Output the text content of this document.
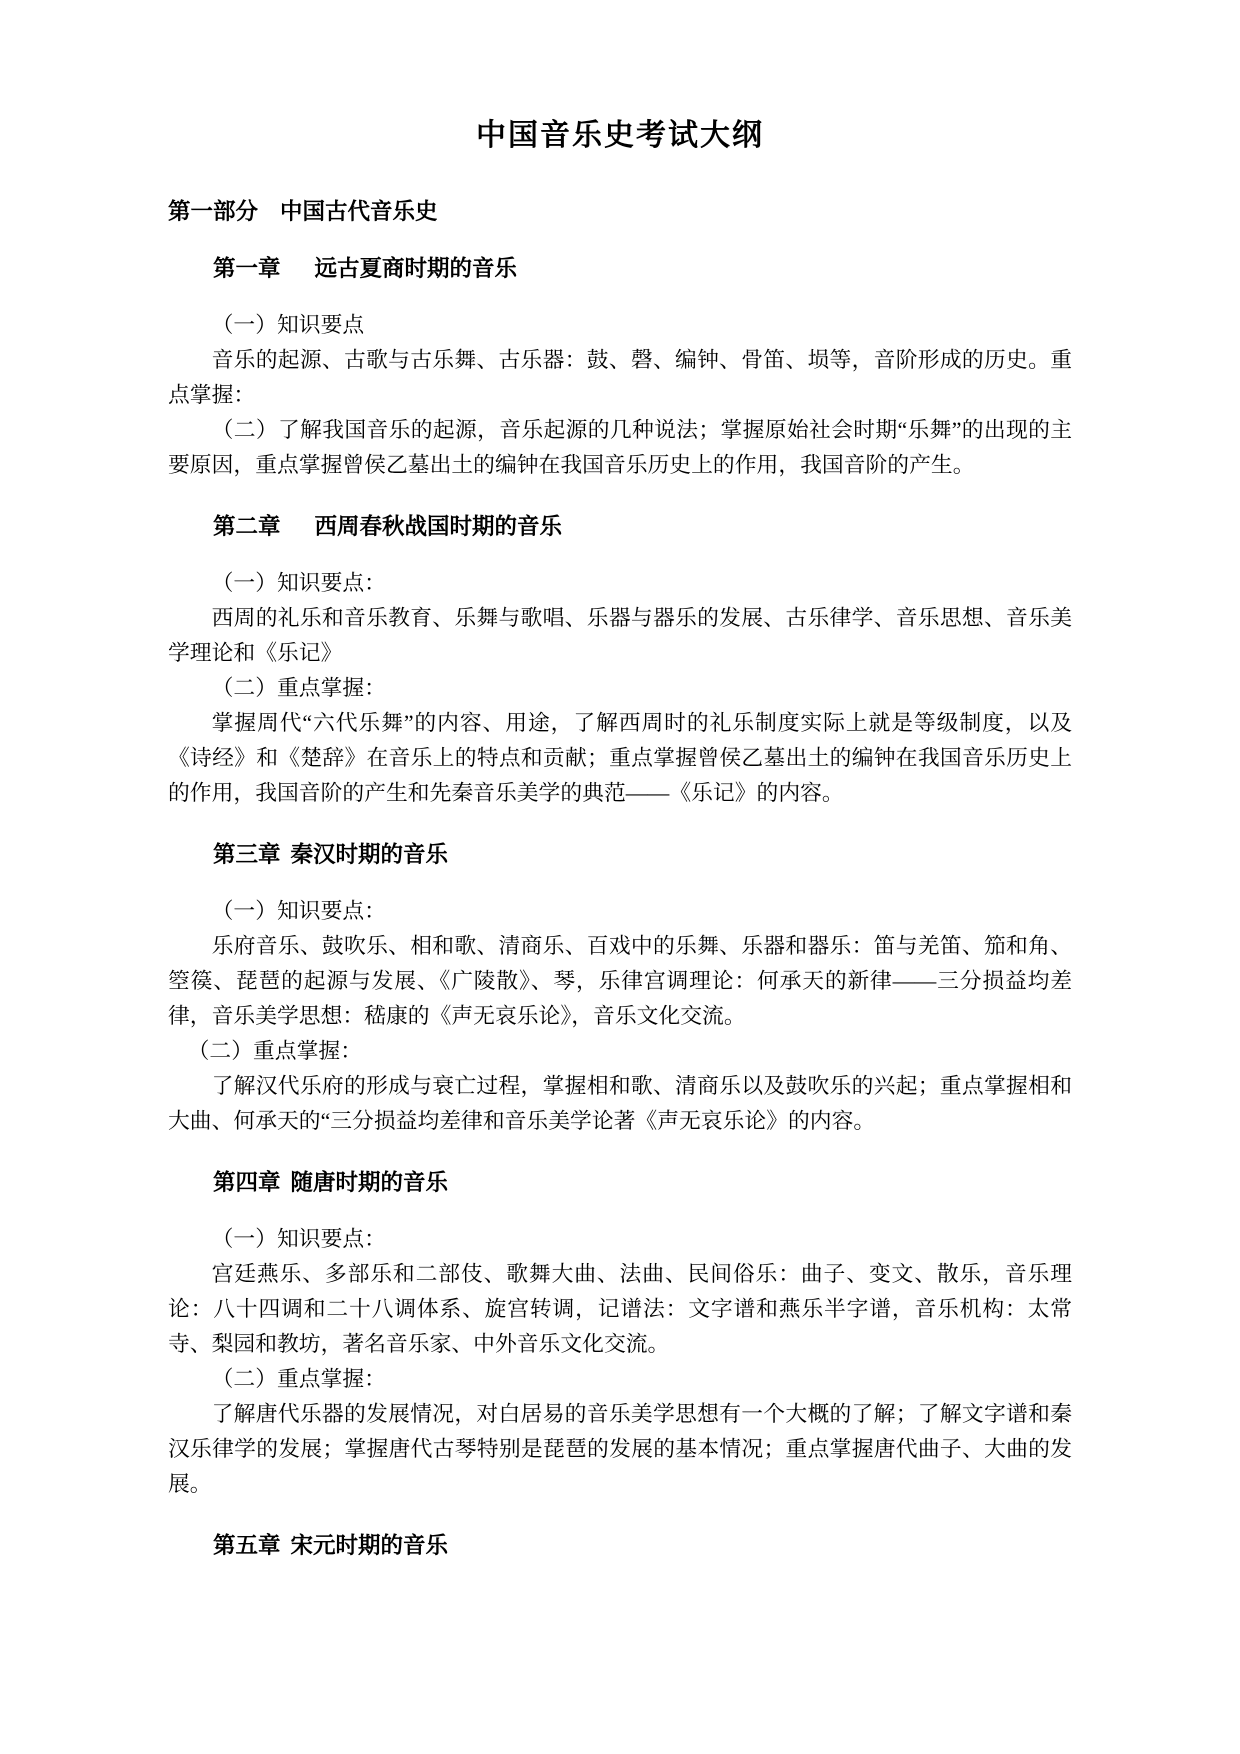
中国音乐史考试大纲
第一部分 中国古代音乐史
第一章 远古夏商时期的音乐

（一）知识要点

音乐的起源、古歌与古乐舞、古乐器：鼓、磬、编钟、骨笛、埙等，音阶形成的历史。重点掌握：

（二）了解我国音乐的起源，音乐起源的几种说法；掌握原始社会时期“乐舞”的出现的主要原因，重点掌握曾侯乙墓出土的编钟在我国音乐历史上的作用，我国音阶的产生。

第二章 西周春秋战国时期的音乐

（一）知识要点：

西周的礼乐和音乐教育、乐舞与歌唱、乐器与器乐的发展、古乐律学、音乐思想、音乐美学理论和《乐记》

（二）重点掌握：

掌握周代“六代乐舞”的内容、用途，了解西周时的礼乐制度实际上就是等级制度，以及《诗经》和《楚辞》在音乐上的特点和贡献；重点掌握曾侯乙墓出土的编钟在我国音乐历史上的作用，我国音阶的产生和先秦音乐美学的典范——《乐记》的内容。

第三章 秦汉时期的音乐

（一）知识要点：

乐府音乐、鼓吹乐、相和歌、清商乐、百戏中的乐舞、乐器和器乐：笛与羌笛、笳和角、箜篌、琵琶的起源与发展、《广陵散》、琴，乐律宫调理论：何承天的新律——三分损益均差律，音乐美学思想：嵇康的《声无哀乐论》，音乐文化交流。

（二）重点掌握：

了解汉代乐府的形成与衰亡过程，掌握相和歌、清商乐以及鼓吹乐的兴起；重点掌握相和大曲、何承天的“三分损益均差律和音乐美学论著《声无哀乐论》的内容。

第四章 随唐时期的音乐

（一）知识要点：

宫廷燕乐、多部乐和二部伎、歌舞大曲、法曲、民间俗乐：曲子、变文、散乐，音乐理论：八十四调和二十八调体系、旋宫转调，记谱法：文字谱和燕乐半字谱，音乐机构：太常寺、梨园和教坊，著名音乐家、中外音乐文化交流。

（二）重点掌握：

了解唐代乐器的发展情况，对白居易的音乐美学思想有一个大概的了解；了解文字谱和秦汉乐律学的发展；掌握唐代古琴特别是琵琶的发展的基本情况；重点掌握唐代曲子、大曲的发展。

第五章 宋元时期的音乐
